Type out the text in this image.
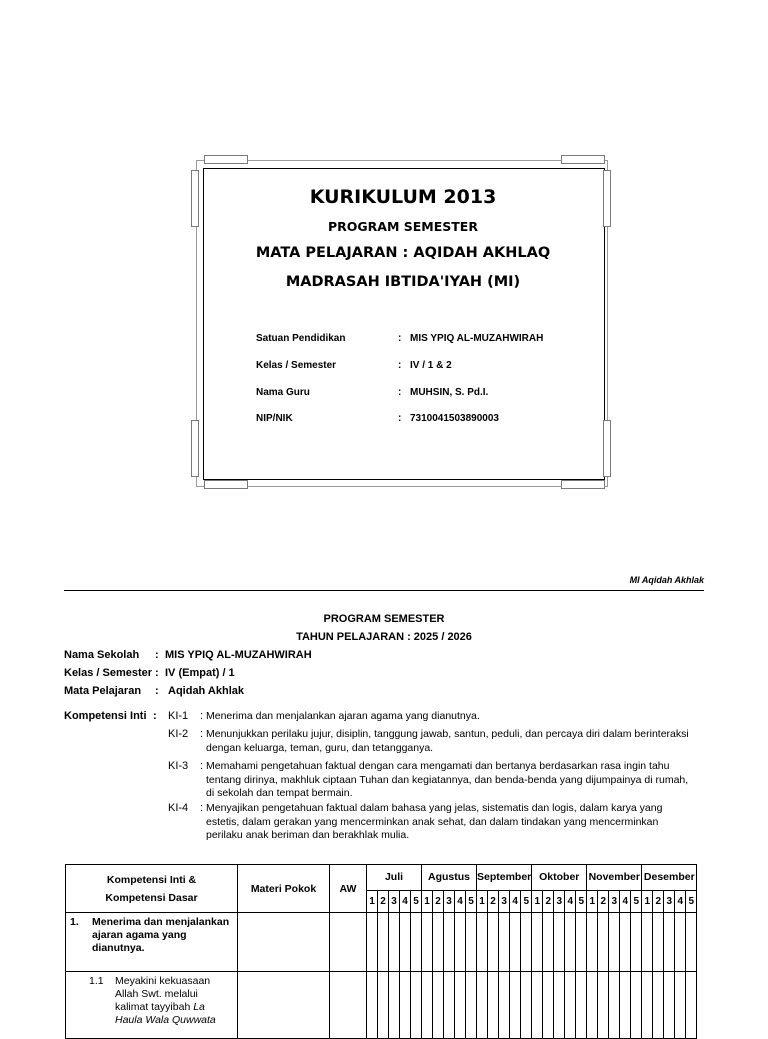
KURIKULUM 2013
PROGRAM SEMESTER
MATA PELAJARAN : AQIDAH AKHLAQ
MADRASAH IBTIDA'IYAH (MI)
Satuan Pendidikan	: MIS YPIQ AL-MUZAHWIRAH
Kelas / Semester	: IV / 1 & 2
Nama Guru	: MUHSIN, S. Pd.I.
NIP/NIK	: 7310041503890003
MI Aqidah Akhlak
PROGRAM SEMESTER
TAHUN PELAJARAN : 2025 / 2026
Nama Sekolah : MIS YPIQ AL-MUZAHWIRAH
Kelas / Semester : IV (Empat) / 1
Mata Pelajaran : Aqidah Akhlak
Kompetensi Inti : KI-1 : Menerima dan menjalankan ajaran agama yang dianutnya.
KI-2 : Menunjukkan perilaku jujur, disiplin, tanggung jawab, santun, peduli, dan percaya diri dalam berinteraksi dengan keluarga, teman, guru, dan tetangganya.
KI-3 : Memahami pengetahuan faktual dengan cara mengamati dan bertanya berdasarkan rasa ingin tahu tentang dirinya, makhluk ciptaan Tuhan dan kegiatannya, dan benda-benda yang dijumpainya di rumah, di sekolah dan tempat bermain.
KI-4 : Menyajikan pengetahuan faktual dalam bahasa yang jelas, sistematis dan logis, dalam karya yang estetis, dalam gerakan yang mencerminkan anak sehat, dan dalam tindakan yang mencerminkan perilaku anak beriman dan berakhlak mulia.
Kompetensi Inti &
Kompetensi Dasar	Materi Pokok	AW	Juli					Agustus					September					Oktober					November					Desember				
			1	2	3	4	5	1	2	3	4	5	1	2	3	4	5	1	2	3	4	5	1	2	3	4	5	1	2	3	4	5

1. Menerima dan menjalankan ajaran agama yang dianutnya.																																

1.1 Meyakini kekuasaan Allah Swt. melalui kalimat tayyibah La Haula Wala Quwwata																																
